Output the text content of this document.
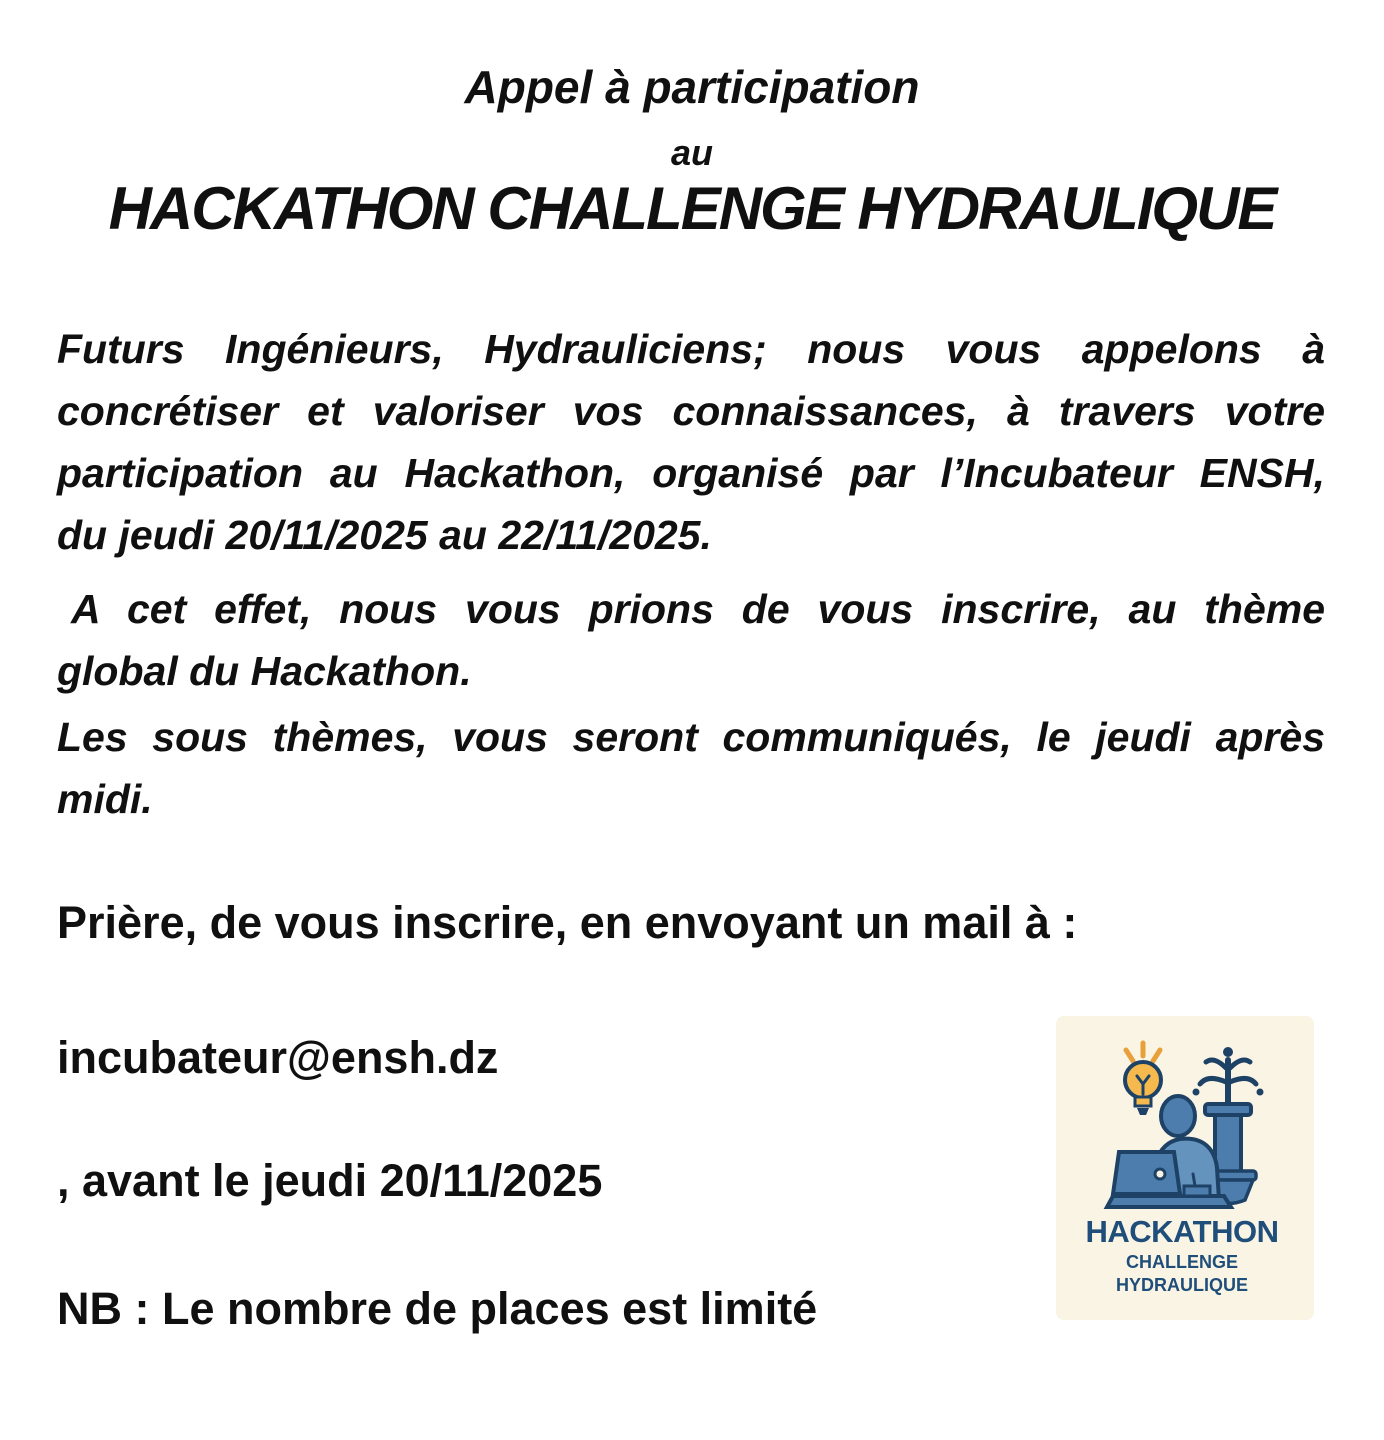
Appel à participation
au
HACKATHON CHALLENGE HYDRAULIQUE
Futurs Ingénieurs, Hydrauliciens; nous vous appelons à
concrétiser et valoriser vos connaissances, à travers votre
participation au Hackathon, organisé par l’Incubateur ENSH,
du jeudi 20/11/2025 au 22/11/2025.
A cet effet, nous vous prions de vous inscrire, au thème
global du Hackathon.
Les sous thèmes, vous seront communiqués, le jeudi après
midi.
Prière, de vous inscrire, en envoyant un mail à :
incubateur@ensh.dz
, avant le jeudi 20/11/2025
NB : Le nombre de places est limité
HACKATHON
CHALLENGE
HYDRAULIQUE
